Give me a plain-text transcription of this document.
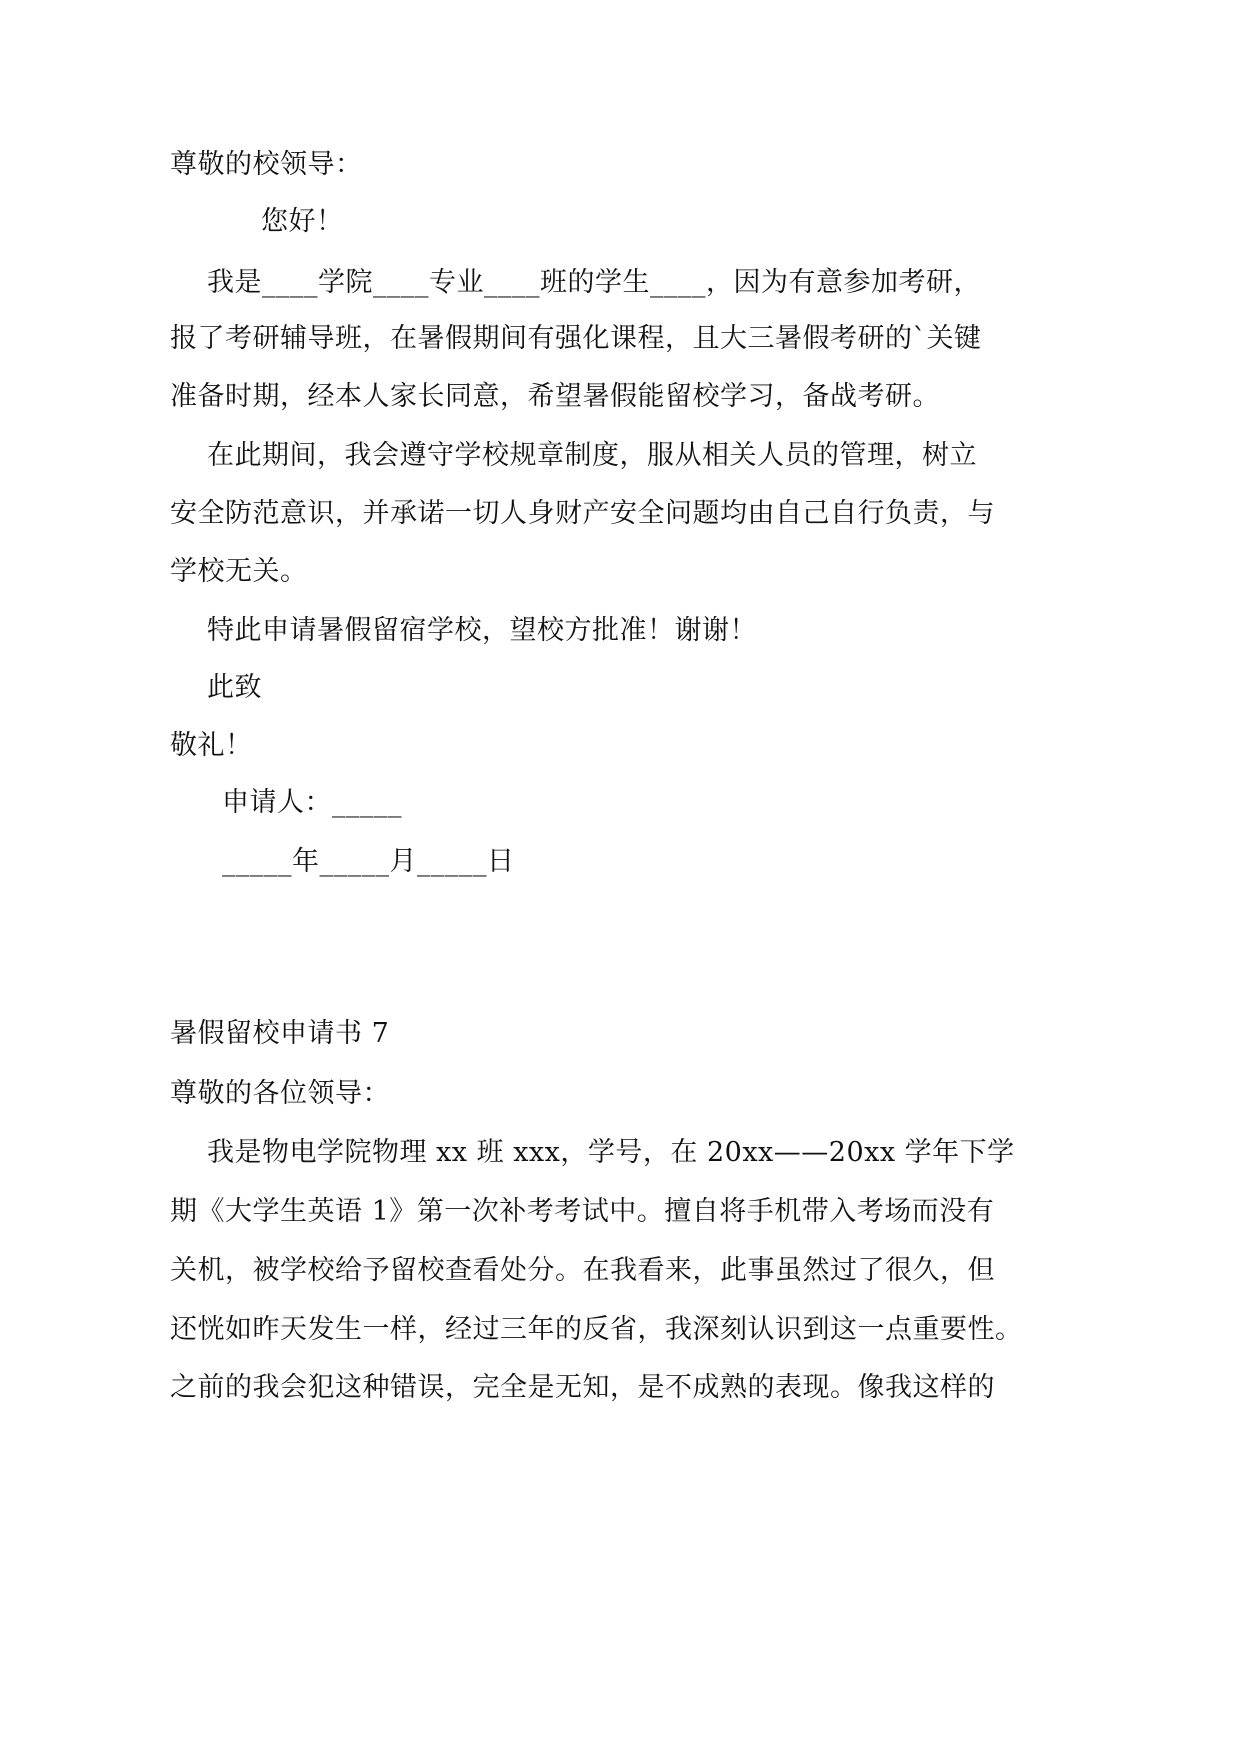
尊敬的校领导：
您好！
我是____学院____专业____班的学生____，因为有意参加考研，
报了考研辅导班，在暑假期间有强化课程，且大三暑假考研的`关键
准备时期，经本人家长同意，希望暑假能留校学习，备战考研。
在此期间，我会遵守学校规章制度，服从相关人员的管理，树立
安全防范意识，并承诺一切人身财产安全问题均由自己自行负责，与
学校无关。
特此申请暑假留宿学校，望校方批准！谢谢！
此致
敬礼！
申请人：_____
_____年_____月_____日
暑假留校申请书 7
尊敬的各位领导：
我是物电学院物理 xx 班 xxx，学号，在 20xx——20xx 学年下学
期《大学生英语 1》第一次补考考试中。擅自将手机带入考场而没有
关机，被学校给予留校查看处分。在我看来，此事虽然过了很久，但
还恍如昨天发生一样，经过三年的反省，我深刻认识到这一点重要性。
之前的我会犯这种错误，完全是无知，是不成熟的表现。像我这样的
